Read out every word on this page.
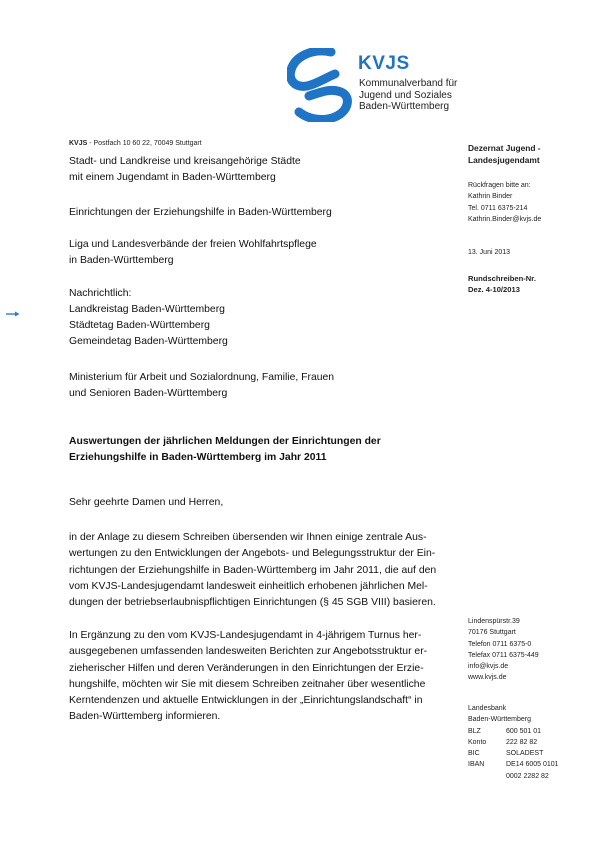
KVJS
Kommunalverband für
Jugend und Soziales
Baden-Württemberg
KVJS - Postfach 10 60 22, 70049 Stuttgart
Stadt- und Landkreise und kreisangehörige Städte
mit einem Jugendamt in Baden-Württemberg
Einrichtungen der Erziehungshilfe in Baden-Württemberg
Liga und Landesverbände der freien Wohlfahrtspflege
in Baden-Württemberg
Nachrichtlich:
Landkreistag Baden-Württemberg
Städtetag Baden-Württemberg
Gemeindetag Baden-Württemberg
Ministerium für Arbeit und Sozialordnung, Familie, Frauen
und Senioren Baden-Württemberg
Auswertungen der jährlichen Meldungen der Einrichtungen der
Erziehungshilfe in Baden-Württemberg im Jahr 2011
Sehr geehrte Damen und Herren,
in der Anlage zu diesem Schreiben übersenden wir Ihnen einige zentrale Aus-
wertungen zu den Entwicklungen der Angebots- und Belegungsstruktur der Ein-
richtungen der Erziehungshilfe in Baden-Württemberg im Jahr 2011, die auf den
vom KVJS-Landesjugendamt landesweit einheitlich erhobenen jährlichen Mel-
dungen der betriebserlaubnispflichtigen Einrichtungen (§ 45 SGB VIII) basieren.
In Ergänzung zu den vom KVJS-Landesjugendamt in 4-jährigem Turnus her-
ausgegebenen umfassenden landesweiten Berichten zur Angebotsstruktur er-
zieherischer Hilfen und deren Veränderungen in den Einrichtungen der Erzie-
hungshilfe, möchten wir Sie mit diesem Schreiben zeitnaher über wesentliche
Kerntendenzen und aktuelle Entwicklungen in der „Einrichtungslandschaft“ in
Baden-Württemberg informieren.
Dezernat Jugend -
Landesjugendamt
Rückfragen bitte an:
Kathrin Binder
Tel. 0711 6375-214
Kathrin.Binder@kvjs.de
13. Juni 2013
Rundschreiben-Nr.
Dez. 4-10/2013
Lindenspürstr.39
70176 Stuttgart
Telefon 0711 6375-0
Telefax 0711 6375-449
info@kvjs.de
www.kvjs.de
Landesbank
Baden-Württemberg
BLZ	600 501 01
Konto	222 82 82
BIC	SOLADEST
IBAN	DE14 6005 0101
0002 2282 82
